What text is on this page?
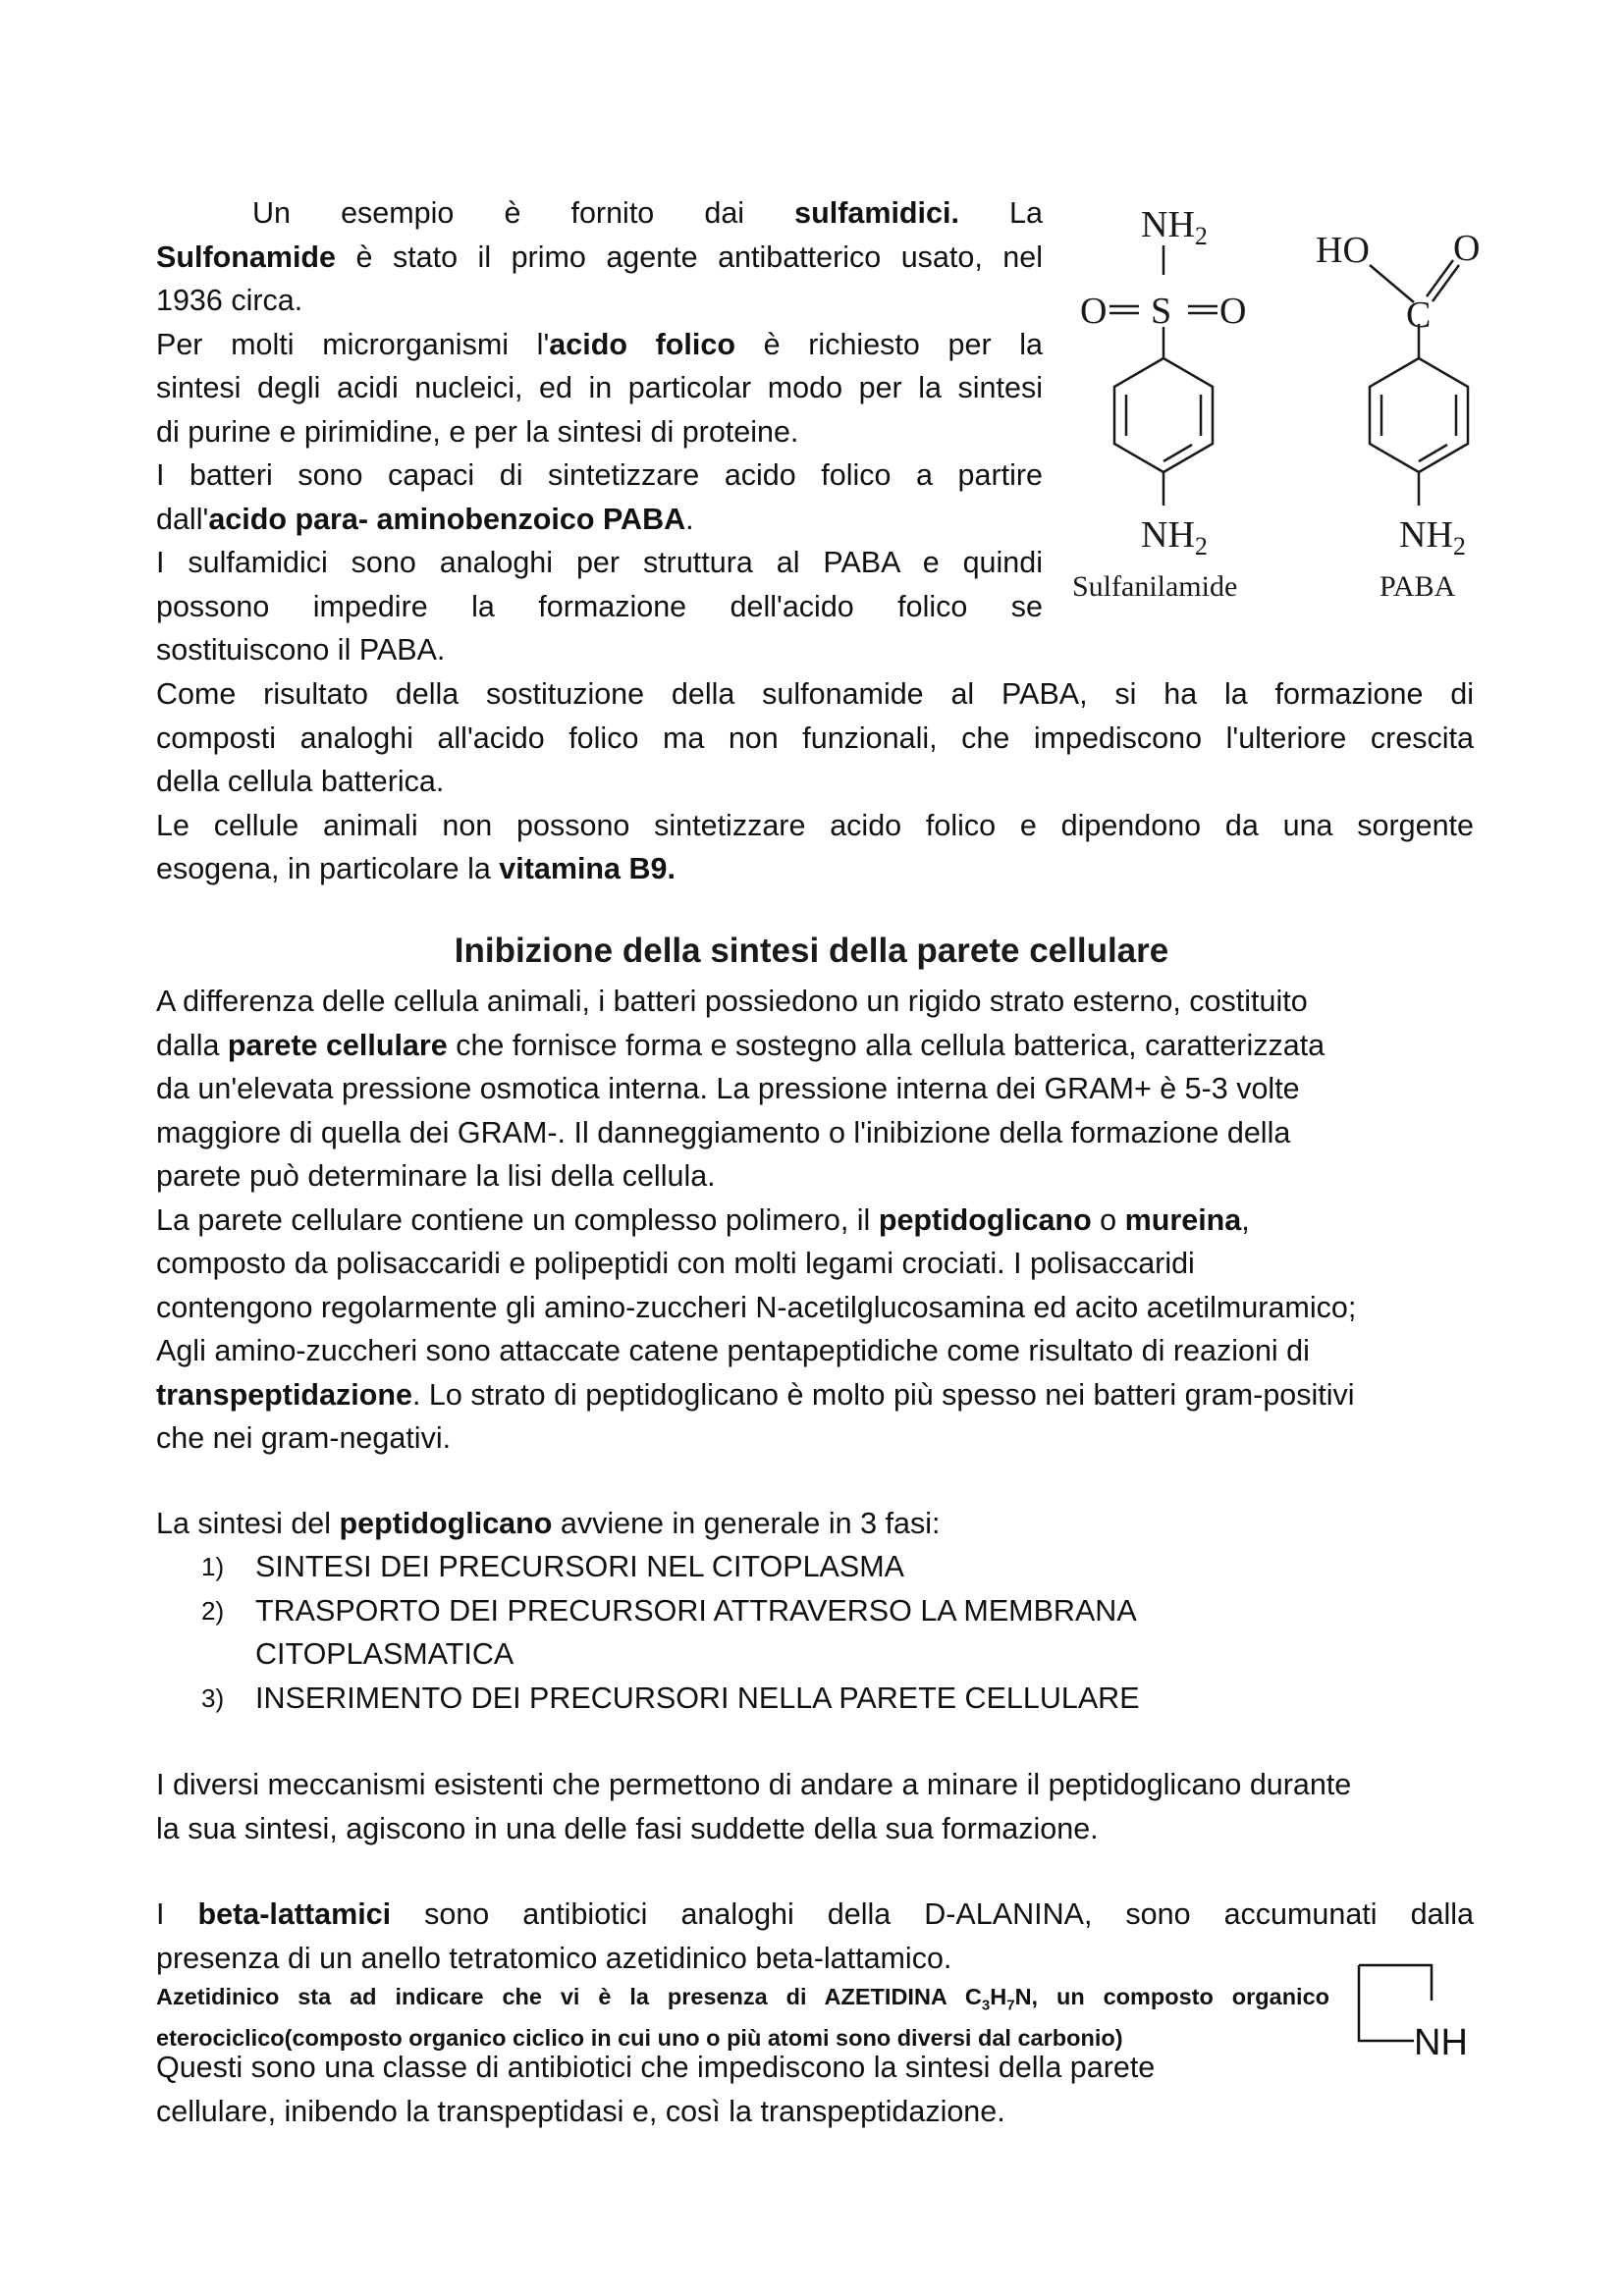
Un esempio è fornito dai sulfamidici. La
Sulfonamide è stato il primo agente antibatterico usato, nel
1936 circa.
Per molti microrganismi l'acido folico è richiesto per la
sintesi degli acidi nucleici, ed in particolar modo per la sintesi
di purine e pirimidine, e per la sintesi di proteine.
I batteri sono capaci di sintetizzare acido folico a partire
dall'acido para- aminobenzoico PABA.
I sulfamidici sono analoghi per struttura al PABA e quindi
possono impedire la formazione dell'acido folico se
sostituiscono il PABA.
Come risultato della sostituzione della sulfonamide al PABA, si ha la formazione di
composti analoghi all'acido folico ma non funzionali, che impediscono l'ulteriore crescita
della cellula batterica.
Le cellule animali non possono sintetizzare acido folico e dipendono da una sorgente
esogena, in particolare la vitamina B9.
$NH_2$
O S O
$NH_2$
HO O
C
$NH_2$
Sulfanilamide	PABA
Inibizione della sintesi della parete cellulare
A differenza delle cellula animali, i batteri possiedono un rigido strato esterno, costituito
dalla parete cellulare che fornisce forma e sostegno alla cellula batterica, caratterizzata
da un'elevata pressione osmotica interna. La pressione interna dei GRAM+ è 5-3 volte
maggiore di quella dei GRAM-. Il danneggiamento o l'inibizione della formazione della
parete può determinare la lisi della cellula.
La parete cellulare contiene un complesso polimero, il peptidoglicano o mureina,
composto da polisaccaridi e polipeptidi con molti legami crociati. I polisaccaridi
contengono regolarmente gli amino-zuccheri N-acetilglucosamina ed acito acetilmuramico;
Agli amino-zuccheri sono attaccate catene pentapeptidiche come risultato di reazioni di
transpeptidazione. Lo strato di peptidoglicano è molto più spesso nei batteri gram-positivi
che nei gram-negativi.
La sintesi del peptidoglicano avviene in generale in 3 fasi:
1) SINTESI DEI PRECURSORI NEL CITOPLASMA
2) TRASPORTO DEI PRECURSORI ATTRAVERSO LA MEMBRANA
CITOPLASMATICA
3) INSERIMENTO DEI PRECURSORI NELLA PARETE CELLULARE
I diversi meccanismi esistenti che permettono di andare a minare il peptidoglicano durante
la sua sintesi, agiscono in una delle fasi suddette della sua formazione.
I beta-lattamici sono antibiotici analoghi della D-ALANINA, sono accumunati dalla
presenza di un anello tetratomico azetidinico beta-lattamico.
Azetidinico sta ad indicare che vi è la presenza di AZETIDINA $C_3H_7N$, un composto organico
eterociclico(composto organico ciclico in cui uno o più atomi sono diversi dal carbonio)	NH
Questi sono una classe di antibiotici che impediscono la sintesi della parete
cellulare, inibendo la transpeptidasi e, così la transpeptidazione.
